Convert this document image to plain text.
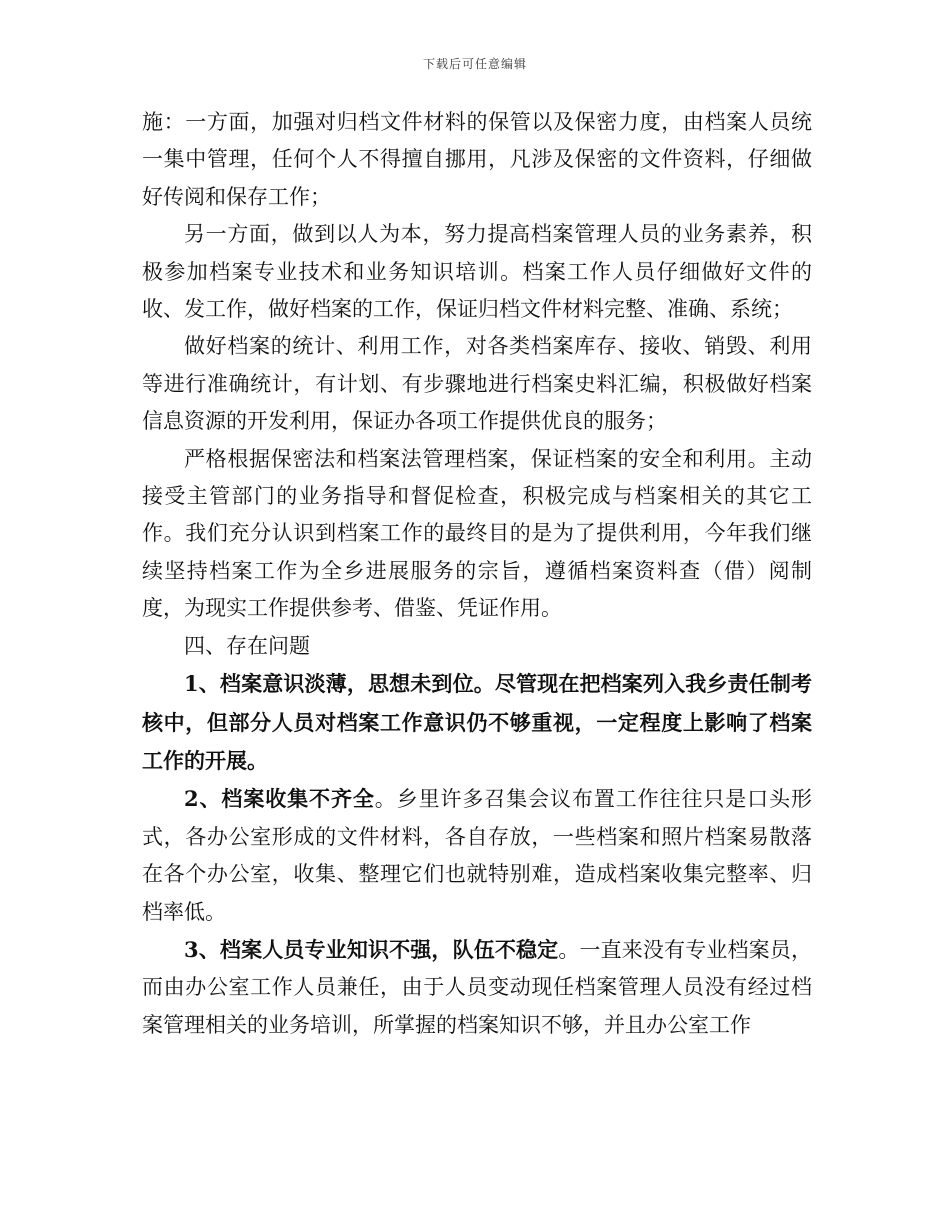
下载后可任意编辑

施：一方面，加强对归档文件材料的保管以及保密力度，由档案人员统一集中管理，任何个人不得擅自挪用，凡涉及保密的文件资料，仔细做好传阅和保存工作；

另一方面，做到以人为本，努力提高档案管理人员的业务素养，积极参加档案专业技术和业务知识培训。档案工作人员仔细做好文件的收、发工作，做好档案的工作，保证归档文件材料完整、准确、系统；

做好档案的统计、利用工作，对各类档案库存、接收、销毁、利用等进行准确统计，有计划、有步骤地进行档案史料汇编，积极做好档案信息资源的开发利用，保证办各项工作提供优良的服务；

严格根据保密法和档案法管理档案，保证档案的安全和利用。主动接受主管部门的业务指导和督促检查，积极完成与档案相关的其它工作。我们充分认识到档案工作的最终目的是为了提供利用，今年我们继续坚持档案工作为全乡进展服务的宗旨，遵循档案资料查（借）阅制度，为现实工作提供参考、借鉴、凭证作用。

四、存在问题

1、档案意识淡薄，思想未到位。尽管现在把档案列入我乡责任制考核中，但部分人员对档案工作意识仍不够重视，一定程度上影响了档案工作的开展。

2、档案收集不齐全。乡里许多召集会议布置工作往往只是口头形式，各办公室形成的文件材料，各自存放，一些档案和照片档案易散落在各个办公室，收集、整理它们也就特别难，造成档案收集完整率、归档率低。

3、档案人员专业知识不强，队伍不稳定。一直来没有专业档案员，而由办公室工作人员兼任，由于人员变动现任档案管理人员没有经过档案管理相关的业务培训，所掌握的档案知识不够，并且办公室工作
